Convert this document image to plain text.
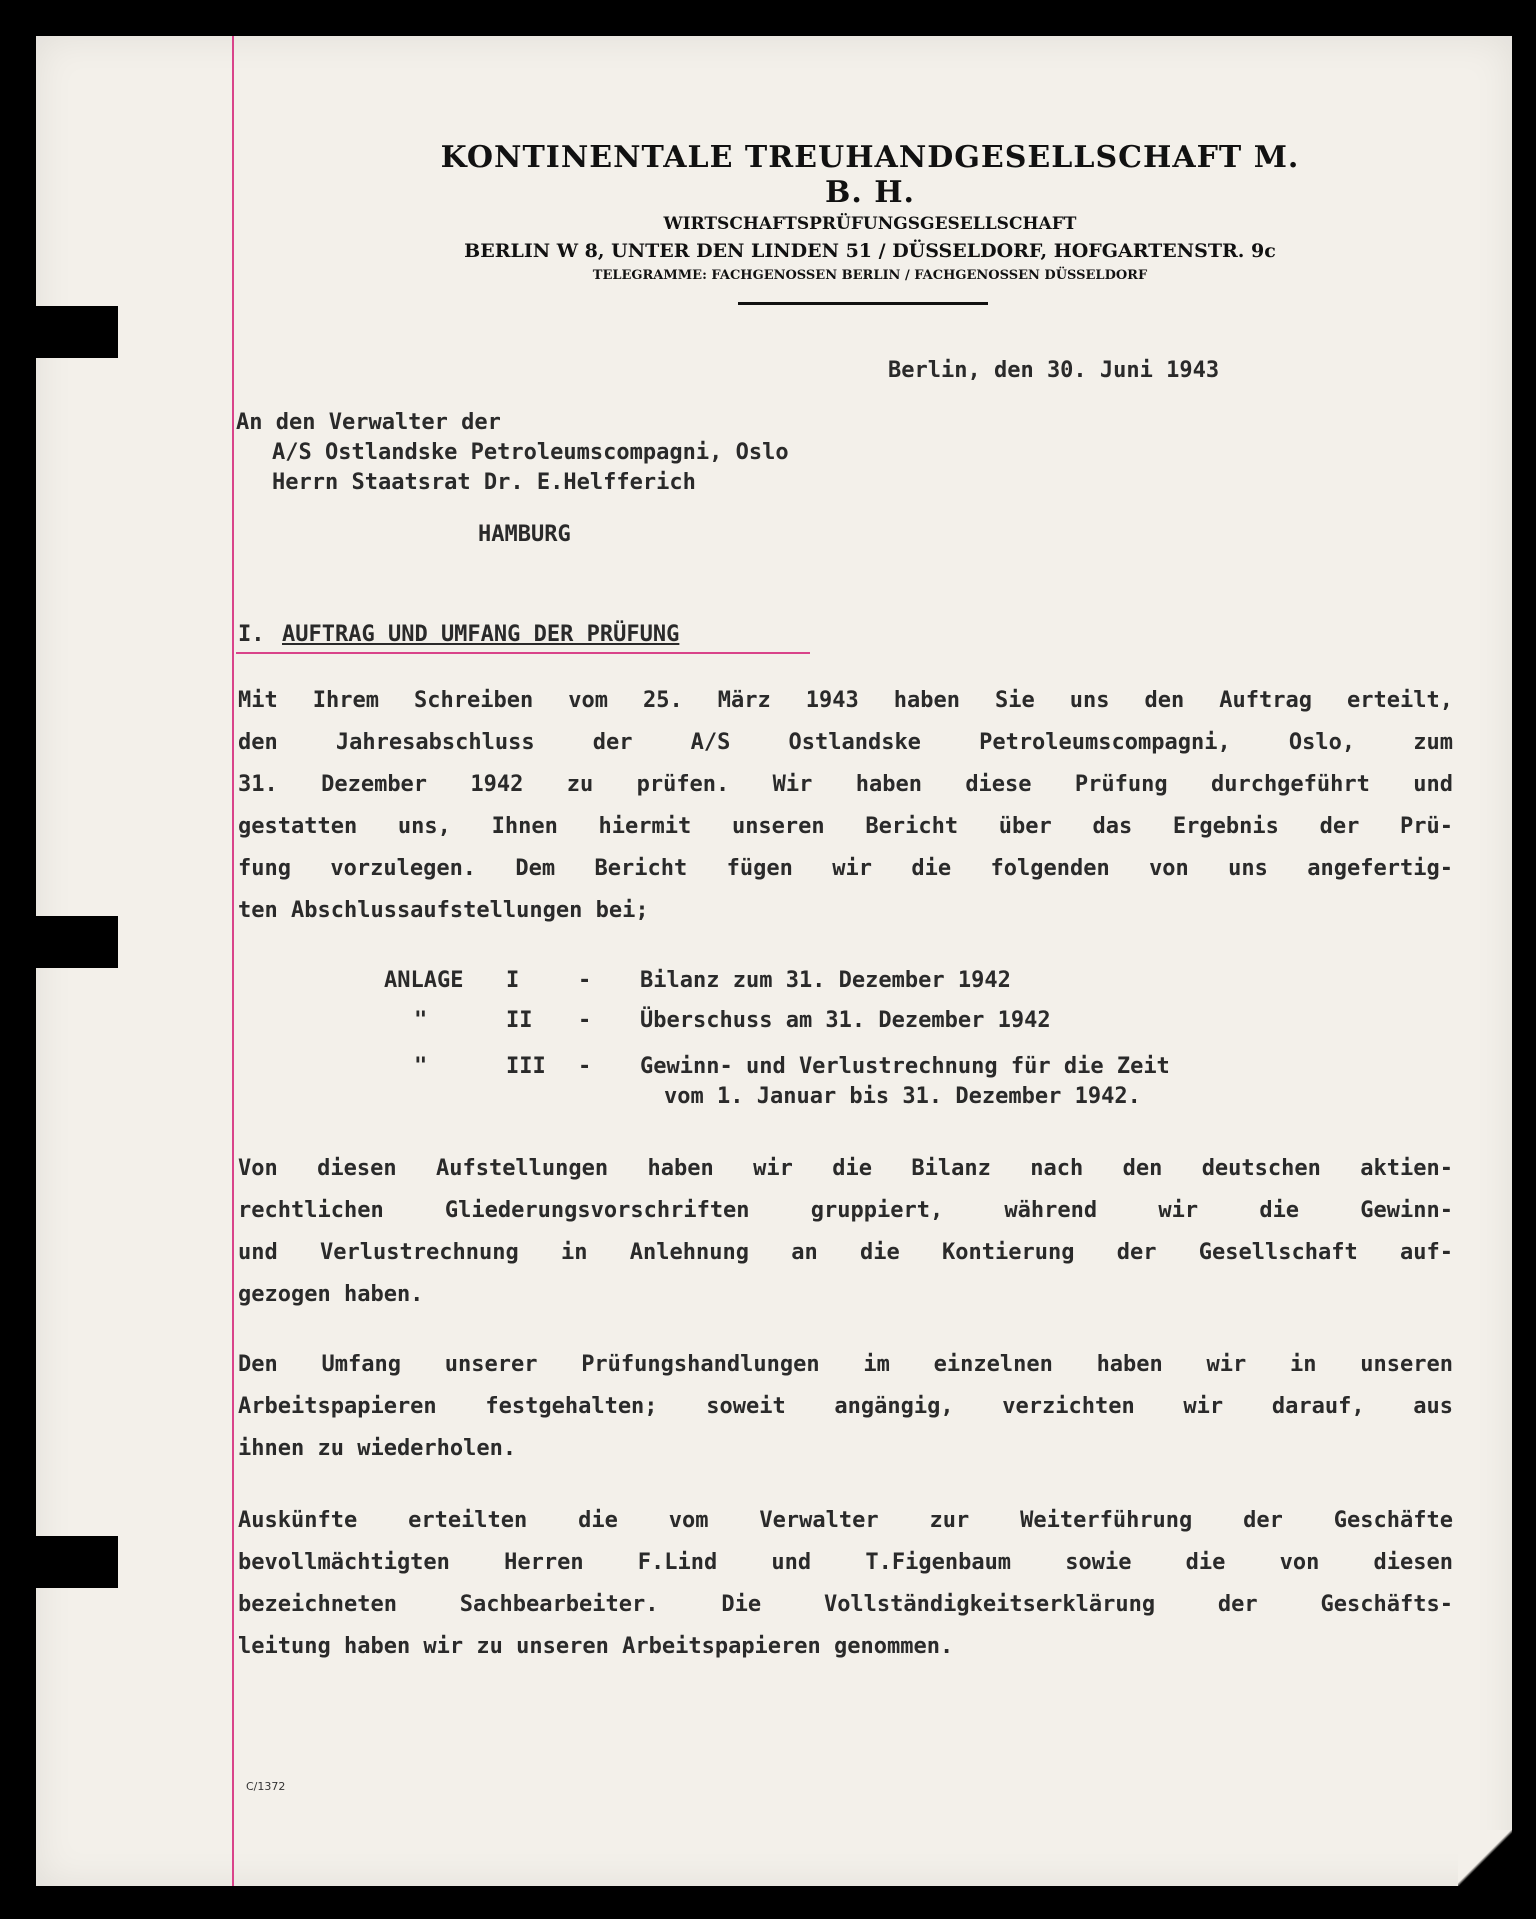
KONTINENTALE TREUHANDGESELLSCHAFT M. B. H.
WIRTSCHAFTSPRÜFUNGSGESELLSCHAFT
BERLIN W 8, UNTER DEN LINDEN 51 / DÜSSELDORF, HOFGARTENSTR. 9c
TELEGRAMME: FACHGENOSSEN BERLIN / FACHGENOSSEN DÜSSELDORF
Berlin, den 30. Juni 1943
An den Verwalter der
A/S Ostlandske Petroleumscompagni, Oslo
Herrn Staatsrat Dr. E.Helfferich
HAMBURG
I. AUFTRAG UND UMFANG DER PRÜFUNG
Mit Ihrem Schreiben vom 25. März 1943 haben Sie uns den Auftrag erteilt,
den Jahresabschluss der A/S Ostlandske Petroleumscompagni, Oslo, zum
31. Dezember 1942 zu prüfen. Wir haben diese Prüfung durchgeführt und
gestatten uns, Ihnen hiermit unseren Bericht über das Ergebnis der Prü-
fung vorzulegen. Dem Bericht fügen wir die folgenden von uns angefertig-
ten Abschlussaufstellungen bei;
ANLAGE I	- Bilanz zum 31. Dezember 1942
"	II - Überschuss am 31. Dezember 1942
"	III - Gewinn- und Verlustrechnung für die Zeit
vom 1. Januar bis 31. Dezember 1942.
Von diesen Aufstellungen haben wir die Bilanz nach den deutschen aktien-
rechtlichen Gliederungsvorschriften gruppiert, während wir die Gewinn-
und Verlustrechnung in Anlehnung an die Kontierung der Gesellschaft auf-
gezogen haben.
Den Umfang unserer Prüfungshandlungen im einzelnen haben wir in unseren
Arbeitspapieren festgehalten; soweit angängig, verzichten wir darauf, aus
ihnen zu wiederholen.
Auskünfte erteilten die vom Verwalter zur Weiterführung der Geschäfte
bevollmächtigten Herren F.Lind und T.Figenbaum sowie die von diesen
bezeichneten Sachbearbeiter. Die Vollständigkeitserklärung der Geschäfts-
leitung haben wir zu unseren Arbeitspapieren genommen.
C/1372
